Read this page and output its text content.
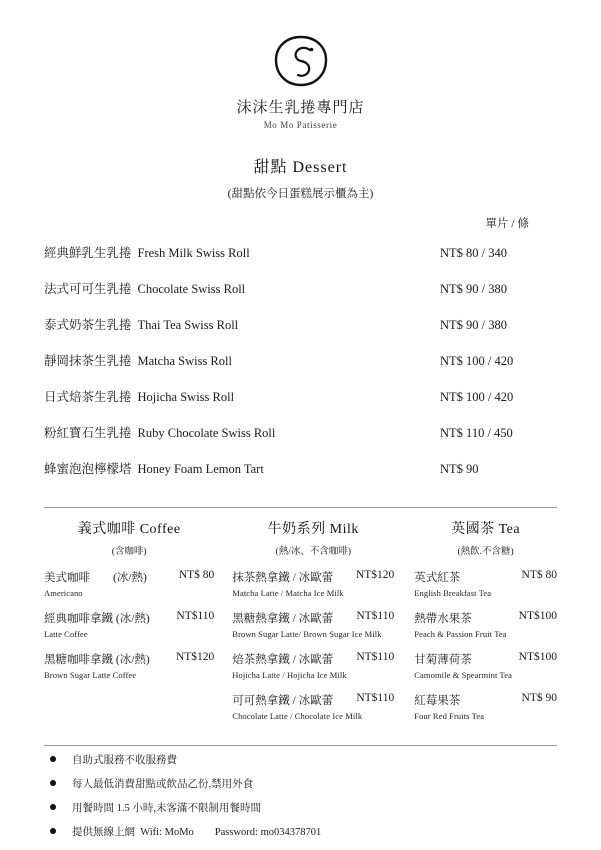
沫沫生乳捲專門店
Mo Mo Patisserie
甜點 Dessert
(甜點依今日蛋糕展示櫃為主)
單片 / 條
經典鮮乳生乳捲 Fresh Milk Swiss Roll	NT$ 80 / 340
法式可可生乳捲 Chocolate Swiss Roll	NT$ 90 / 380
泰式奶茶生乳捲 Thai Tea Swiss Roll	NT$ 90 / 380
靜岡抹茶生乳捲 Matcha Swiss Roll	NT$ 100 / 420
日式焙茶生乳捲 Hojicha Swiss Roll	NT$ 100 / 420
粉紅寶石生乳捲 Ruby Chocolate Swiss Roll	NT$ 110 / 450
蜂蜜泡泡檸檬塔 Honey Foam Lemon Tart	NT$ 90
義式咖啡 Coffee
(含咖啡)
美式咖啡　　(冰/熱)	NT$ 80
Americano
經典咖啡拿鐵 (冰/熱)	NT$110
Latte Coffee
黑糖咖啡拿鐵 (冰/熱)	NT$120
Brown Sugar Latte Coffee
牛奶系列 Milk
(熱/冰、不含咖啡)
抹茶熱拿鐵 / 冰歐蕾	NT$120
Matcha Latte / Matcha Ice Milk
黑糖熱拿鐵 / 冰歐蕾	NT$110
Brown Sugar Latte/ Brown Sugar Ice Milk
焙茶熱拿鐵 / 冰歐蕾	NT$110
Hojicha Latte / Hojicha Ice Milk
可可熱拿鐵 / 冰歐蕾	NT$110
Chocolate Latte / Chocolate Ice Milk
英國茶 Tea
(熱飲.不含糖)
英式紅茶	NT$ 80
English Breakfast Tea
熱帶水果茶	NT$100
Peach & Passion Fruit Tea
甘菊薄荷茶	NT$100
Camomile & Spearmint Tea
紅莓果茶	NT$ 90
Four Red Fruits Tea
自助式服務不收服務費
每人最低消費甜點或飲品乙份,禁用外食
用餐時間 1.5 小時,未客滿不限制用餐時間
提供無線上網  Wifi: MoMo        Password: mo034378701
